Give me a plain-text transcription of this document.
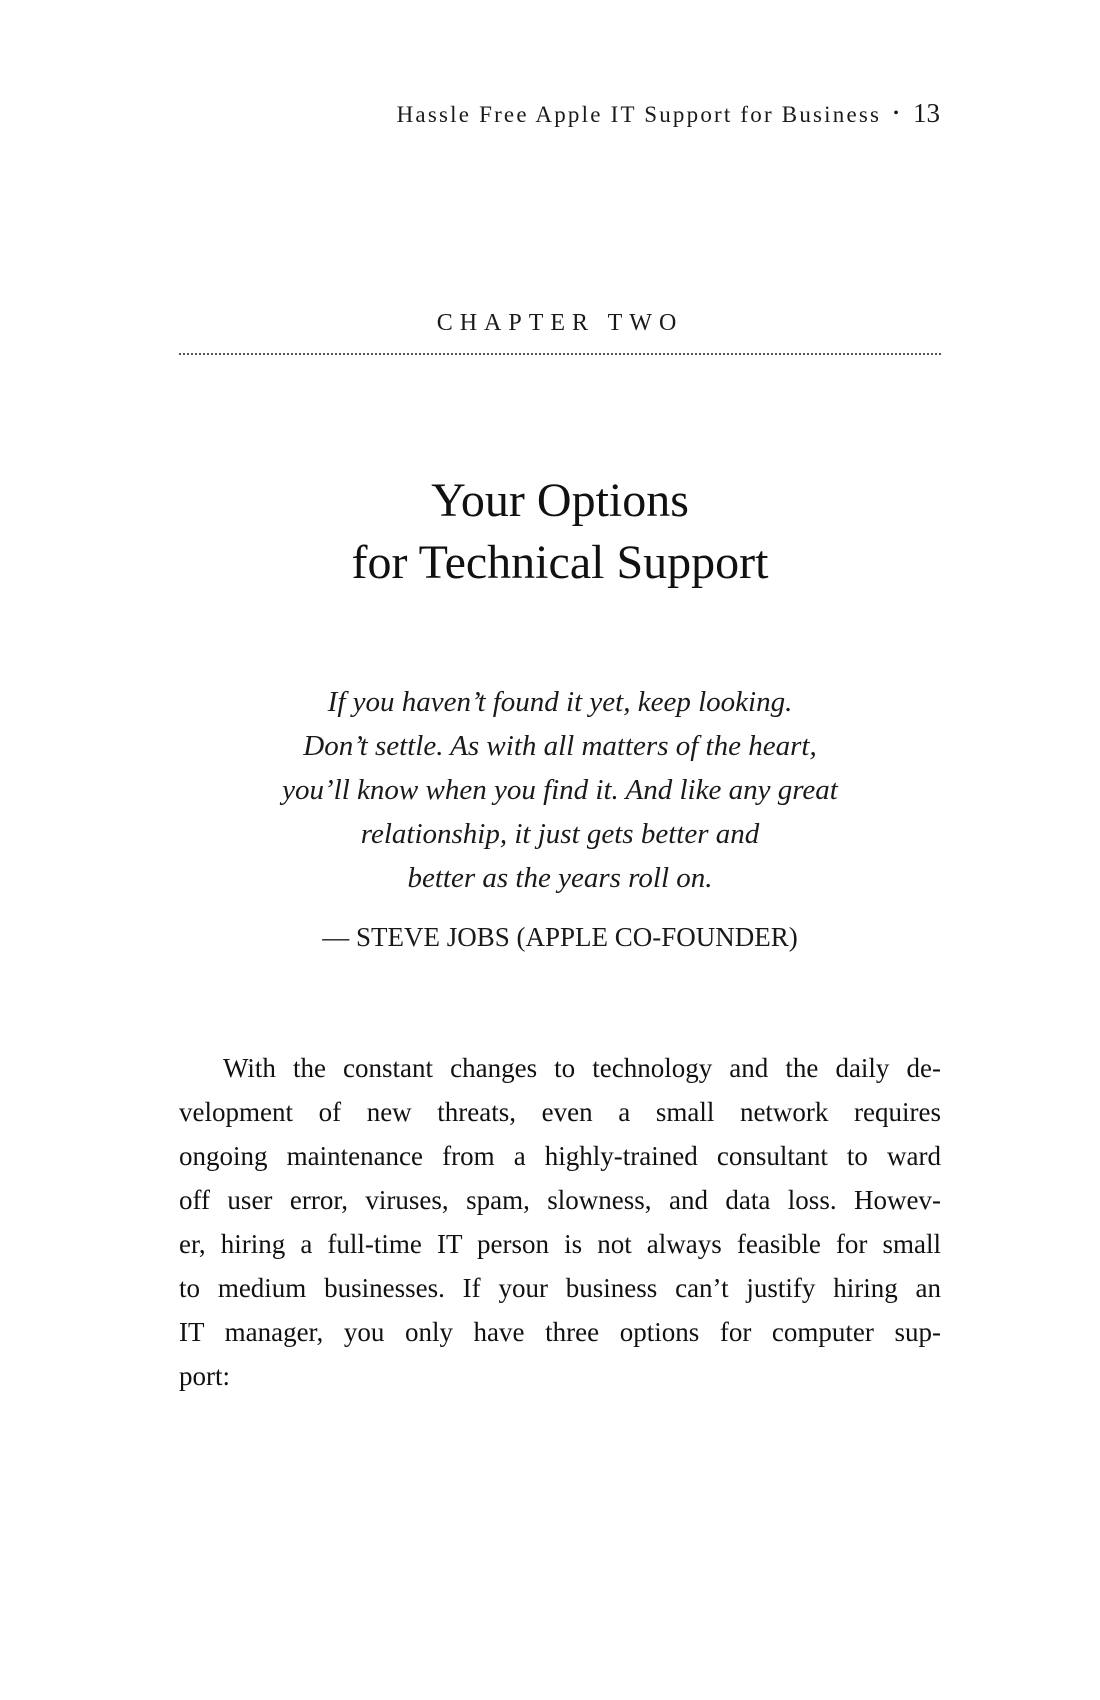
Hassle Free Apple IT Support for Business • 13
CHAPTER TWO
Your Options
for Technical Support
If you haven’t found it yet, keep looking.
Don’t settle. As with all matters of the heart,
you’ll know when you find it. And like any great
relationship, it just gets better and
better as the years roll on.
— STEVE JOBS (APPLE CO-FOUNDER)
With the constant changes to technology and the daily de-
velopment of new threats, even a small network requires
ongoing maintenance from a highly-trained consultant to ward
off user error, viruses, spam, slowness, and data loss. Howev-
er, hiring a full-time IT person is not always feasible for small
to medium businesses. If your business can’t justify hiring an
IT manager, you only have three options for computer sup-
port:
